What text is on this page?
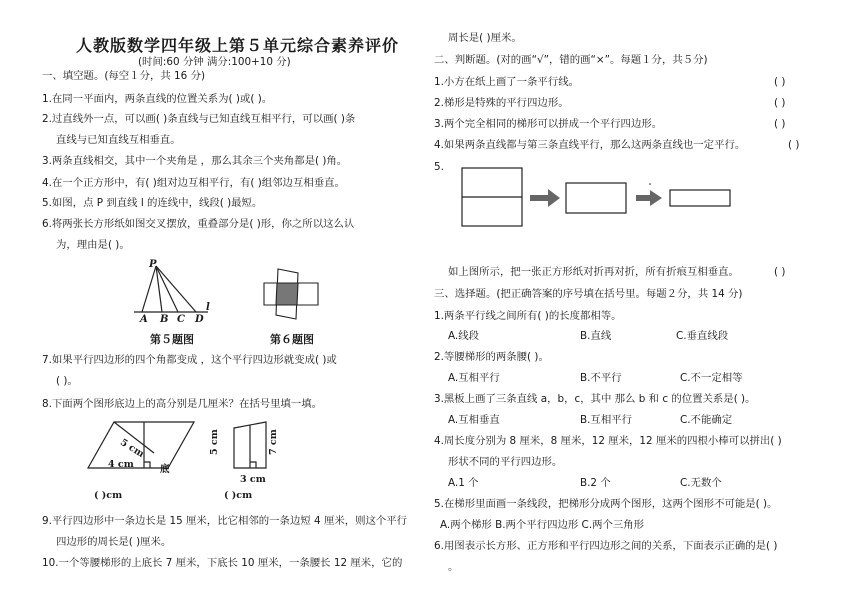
人教版数学四年级上第５单元综合素养评价
(时间:60 分钟 满分:100+10 分)
一、填空题。(每空１分，共 16 分)
1.在同一平面内，两条直线的位置关系为( )或( )。
2.过直线外一点，可以画( )条直线与已知直线互相平行，可以画( )条
直线与已知直线互相垂直。
3.两条直线相交，其中一个夹角是 ，那么其余三个夹角都是( )角。
4.在一个正方形中，有( )组对边互相平行，有( )组邻边互相垂直。
5.如图，点 P 到直线 l 的连线中，线段( )最短。
6.将两张长方形纸如图交叉摆放，重叠部分是( )形，你之所以这么认
为，理由是( )。
P
l
A B C D
第５题图	第６题图
7.如果平行四边形的四个角都变成 ，这个平行四边形就变成( )或
( )。
8.下面两个图形底边上的高分别是几厘米？在括号里填一填。
5 cm
4 cm	底
( )cm
5 cm	7 cm
3 cm
( )cm
9.平行四边形中一条边长是 15 厘米，比它相邻的一条边短 4 厘米，则这个平行
四边形的周长是( )厘米。
10.一个等腰梯形的上底长 7 厘米，下底长 10 厘米，一条腰长 12 厘米，它的
周长是( )厘米。
二、判断题。(对的画“√”，错的画“×”。每题１分，共５分)
1.小方在纸上画了一条平行线。	( )
2.梯形是特殊的平行四边形。	( )
3.两个完全相同的梯形可以拼成一个平行四边形。	( )
4.如果两条直线都与第三条直线平行，那么这两条直线也一定平行。	( )
5.
如上图所示，把一张正方形纸对折再对折，所有折痕互相垂直。	( )
三、选择题。(把正确答案的序号填在括号里。每题２分，共 14 分)
1.两条平行线之间所有( )的长度都相等。
A.线段	B.直线	C.垂直线段
2.等腰梯形的两条腰( )。
A.互相平行	B.不平行	C.不一定相等
3.黑板上画了三条直线 a，b，c，其中 那么 b 和 c 的位置关系是( )。
A.互相垂直	B.互相平行	C.不能确定
4.周长度分别为 8 厘米，8 厘米，12 厘米，12 厘米的四根小棒可以拼出( )
形状不同的平行四边形。
A.1 个	B.2 个	C.无数个
5.在梯形里面画一条线段，把梯形分成两个图形，这两个图形不可能是( )。
A.两个梯形 B.两个平行四边形 C.两个三角形
6.用图表示长方形、正方形和平行四边形之间的关系，下面表示正确的是( )
。
